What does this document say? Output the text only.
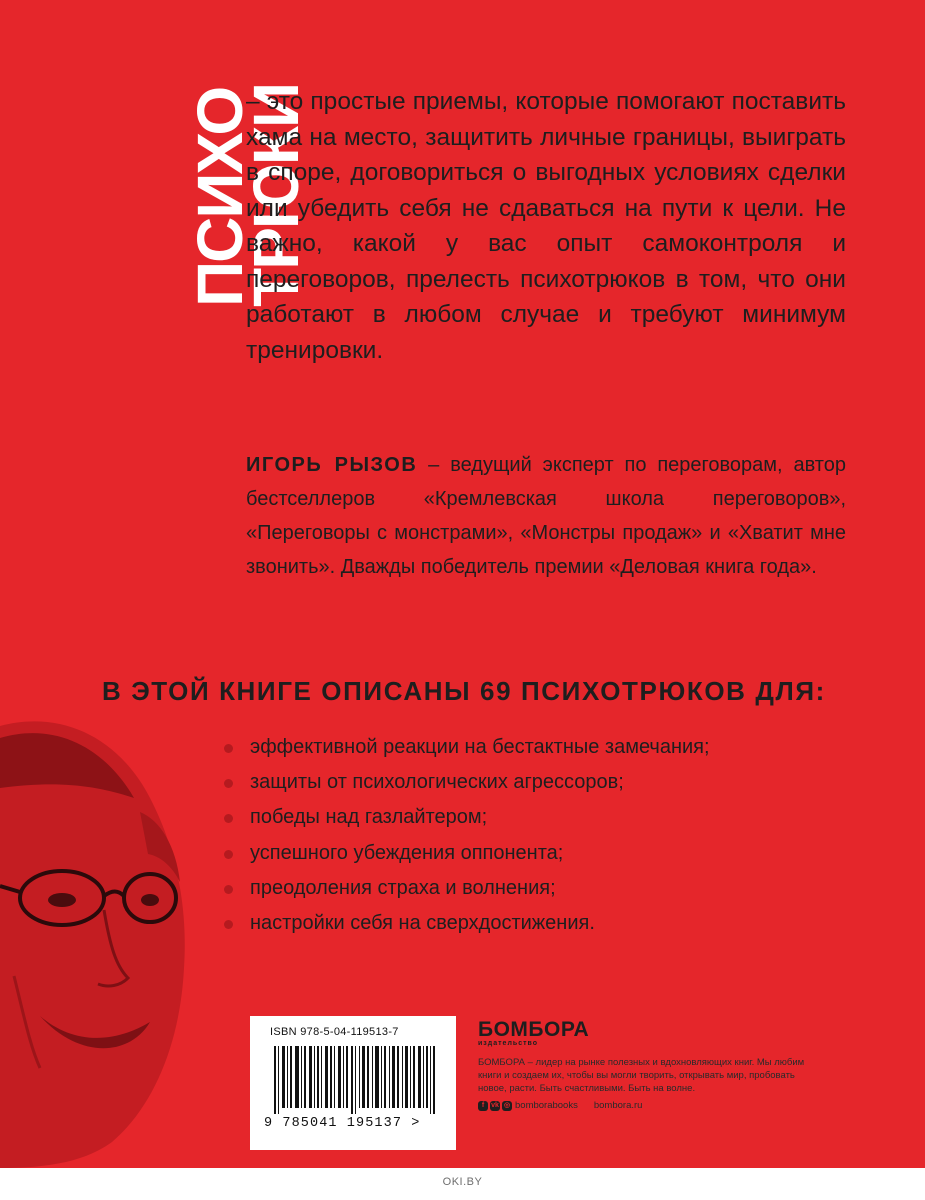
ПСИХО
ТРЮКИ

– это простые приемы, которые помогают поставить хама на место, защитить личные границы, выиграть в споре, договориться о выгодных условиях сделки или убедить себя не сдаваться на пути к цели. Не важно, какой у вас опыт самоконтроля и переговоров, прелесть психотрюков в том, что они работают в любом случае и требуют минимум тренировки.

ИГОРЬ РЫЗОВ – ведущий эксперт по переговорам, автор бестселлеров «Кремлевская школа переговоров», «Переговоры с монстрами», «Монстры продаж» и «Хватит мне звонить». Дважды победитель премии «Деловая книга года».
В ЭТОЙ КНИГЕ ОПИСАНЫ 69 ПСИХОТРЮКОВ ДЛЯ:
эффективной реакции на бестактные замечания;
защиты от психологических агрессоров;
победы над газлайтером;
успешного убеждения оппонента;
преодоления страха и волнения;
настройки себя на сверхдостижения.
ISBN 978-5-04-119513-7
9 785041 195137 >
БОМБОРА
издательство
БОМБОРА – лидер на рынке полезных и вдохновляющих книг. Мы любим книги и создаем их, чтобы вы могли творить, открывать мир, пробовать новое, расти. Быть счастливыми. Быть на волне.
f vk ◎ bomborabooks bombora.ru
OKI.BY
